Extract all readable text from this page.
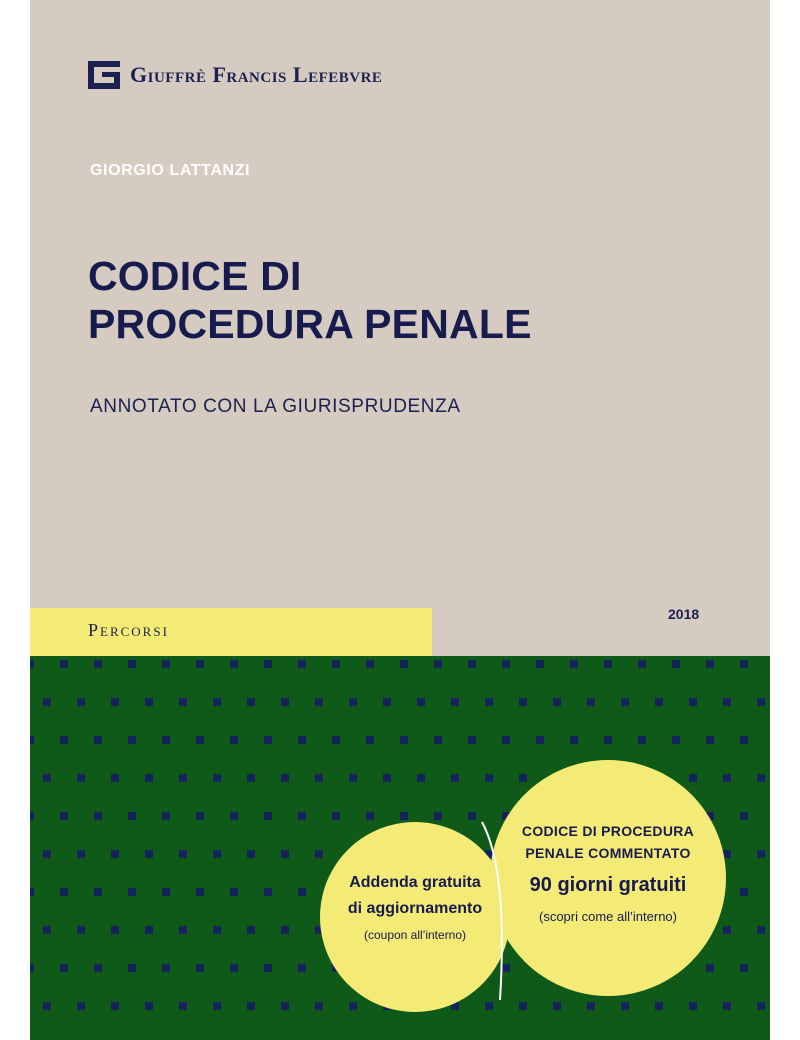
Giuffrè Francis Lefebvre
GIORGIO LATTANZI
CODICE DI
PROCEDURA PENALE
ANNOTATO CON LA GIURISPRUDENZA
2018
Percorsi
Addenda gratuita
di aggiornamento
(coupon all’interno)
CODICE DI PROCEDURA
PENALE COMMENTATO
90 giorni gratuiti
(scopri come all’interno)
